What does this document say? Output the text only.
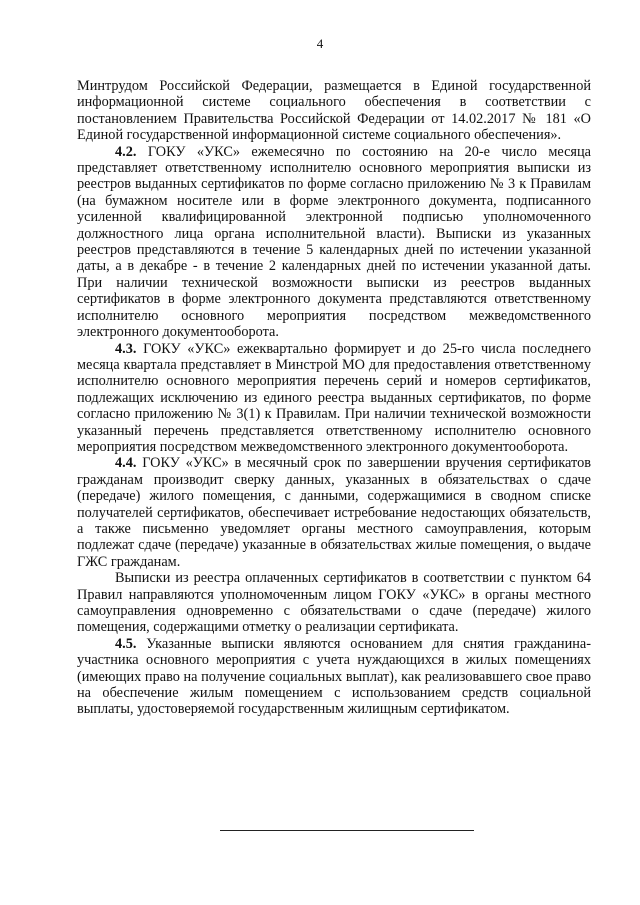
4

Минтрудом Российской Федерации, размещается в Единой государственной информационной системе социального обеспечения в соответствии с постановлением Правительства Российской Федерации от 14.02.2017 № 181 «О Единой государственной информационной системе социального обеспечения».

4.2. ГОКУ «УКС» ежемесячно по состоянию на 20-е число месяца представляет ответственному исполнителю основного мероприятия выписки из реестров выданных сертификатов по форме согласно приложению № 3 к Правилам (на бумажном носителе или в форме электронного документа, подписанного усиленной квалифицированной электронной подписью уполномоченного должностного лица органа исполнительной власти). Выписки из указанных реестров представляются в течение 5 календарных дней по истечении указанной даты, а в декабре - в течение 2 календарных дней по истечении указанной даты. При наличии технической возможности выписки из реестров выданных сертификатов в форме электронного документа представляются ответственному исполнителю основного мероприятия посредством межведомственного электронного документооборота.

4.3. ГОКУ «УКС» ежеквартально формирует и до 25-го числа последнего месяца квартала представляет в Минстрой МО для предоставления ответственному исполнителю основного мероприятия перечень серий и номеров сертификатов, подлежащих исключению из единого реестра выданных сертификатов, по форме согласно приложению № 3(1) к Правилам. При наличии технической возможности указанный перечень представляется ответственному исполнителю основного мероприятия посредством межведомственного электронного документооборота.

4.4. ГОКУ «УКС» в месячный срок по завершении вручения сертификатов гражданам производит сверку данных, указанных в обязательствах о сдаче (передаче) жилого помещения, с данными, содержащимися в сводном списке получателей сертификатов, обеспечивает истребование недостающих обязательств, а также письменно уведомляет органы местного самоуправления, которым подлежат сдаче (передаче) указанные в обязательствах жилые помещения, о выдаче ГЖС гражданам.

Выписки из реестра оплаченных сертификатов в соответствии с пунктом 64 Правил направляются уполномоченным лицом ГОКУ «УКС» в органы местного самоуправления одновременно с обязательствами о сдаче (передаче) жилого помещения, содержащими отметку о реализации сертификата.

4.5. Указанные выписки являются основанием для снятия гражданина-участника основного мероприятия с учета нуждающихся в жилых помещениях (имеющих право на получение социальных выплат), как реализовавшего свое право на обеспечение жилым помещением с использованием средств социальной выплаты, удостоверяемой государственным жилищным сертификатом.
